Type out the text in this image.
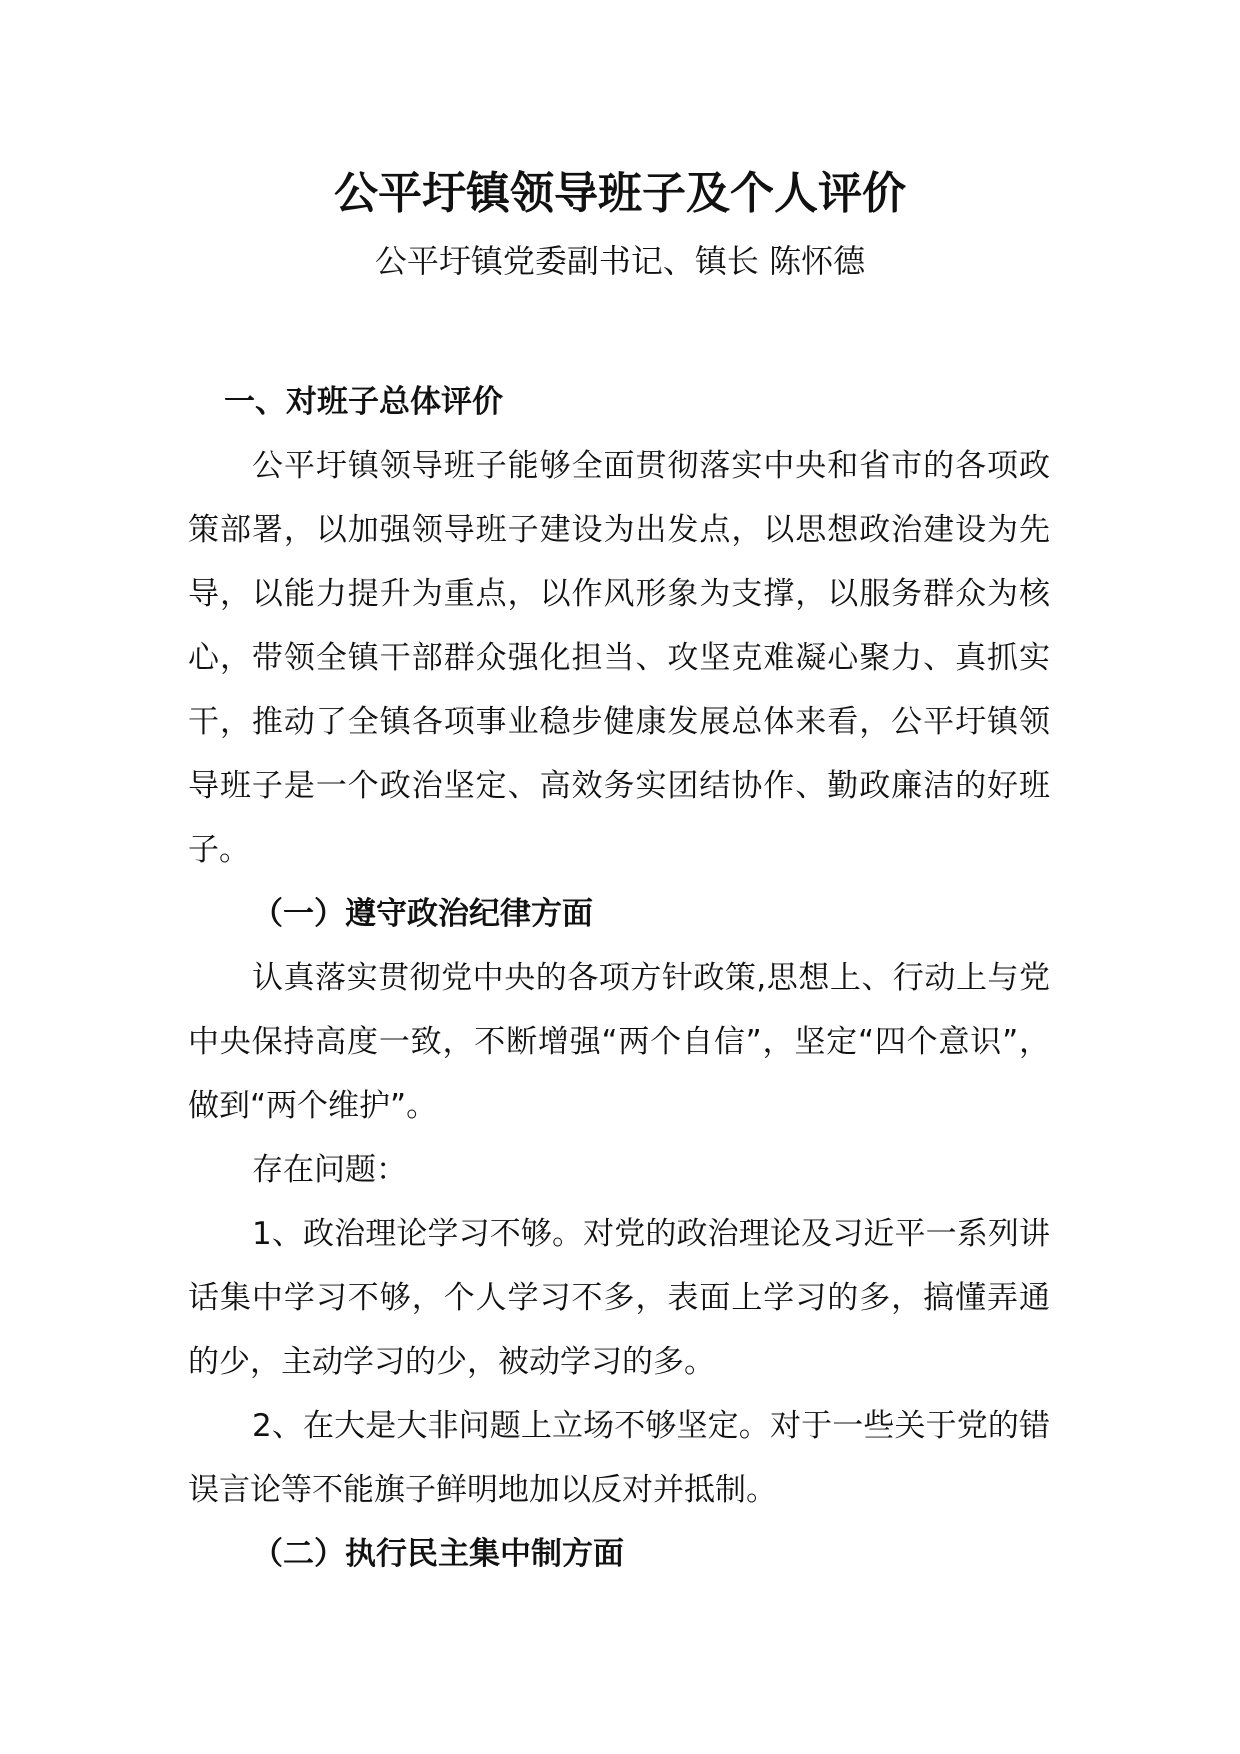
公平圩镇领导班子及个人评价
公平圩镇党委副书记、镇长 陈怀德

一、对班子总体评价

公平圩镇领导班子能够全面贯彻落实中央和省市的各项政策部署，以加强领导班子建设为出发点，以思想政治建设为先导，以能力提升为重点，以作风形象为支撑，以服务群众为核心，带领全镇干部群众强化担当、攻坚克难凝心聚力、真抓实干，推动了全镇各项事业稳步健康发展总体来看，公平圩镇领导班子是一个政治坚定、高效务实团结协作、勤政廉洁的好班子。

（一）遵守政治纪律方面

认真落实贯彻党中央的各项方针政策,思想上、行动上与党中央保持高度一致，不断增强“两个自信”，坚定“四个意识”，做到“两个维护”。

存在问题：

1、政治理论学习不够。对党的政治理论及习近平一系列讲话集中学习不够，个人学习不多，表面上学习的多，搞懂弄通的少，主动学习的少，被动学习的多。

2、在大是大非问题上立场不够坚定。对于一些关于党的错误言论等不能旗子鲜明地加以反对并抵制。

（二）执行民主集中制方面
